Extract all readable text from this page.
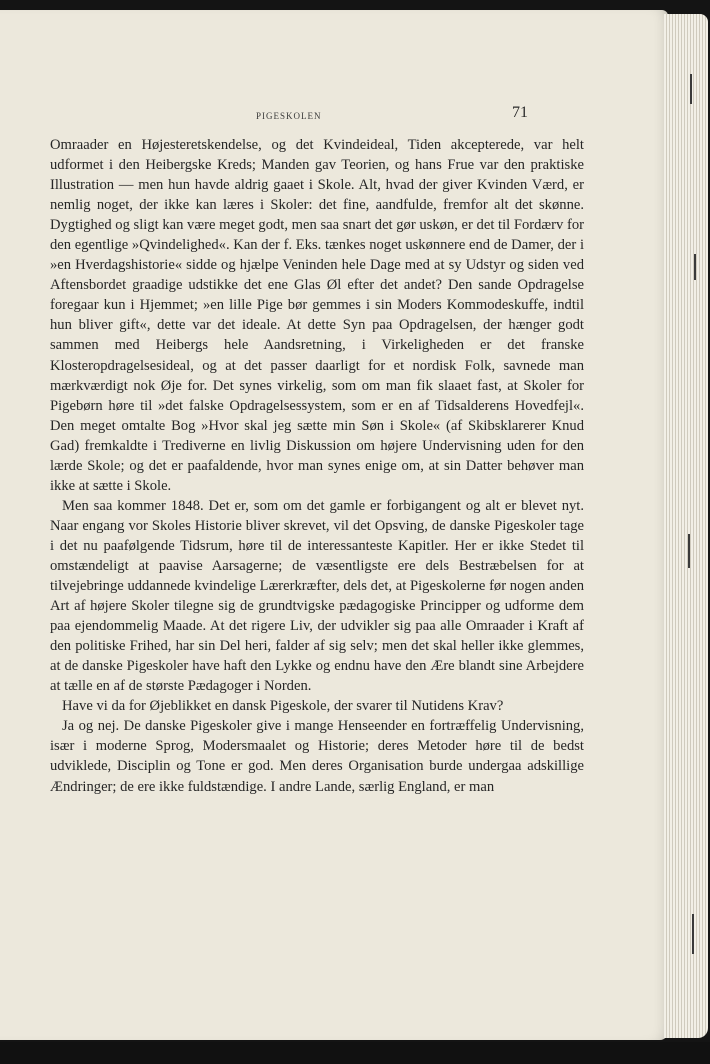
PIGESKOLEN	71

Omraader en Højesteretskendelse, og det Kvindeideal, Tiden akcepterede, var helt udformet i den Heibergske Kreds; Manden gav Teorien, og hans Frue var den praktiske Illustration — men hun havde aldrig gaaet i Skole. Alt, hvad der giver Kvinden Værd, er nemlig noget, der ikke kan læres i Skoler: det fine, aandfulde, fremfor alt det skønne. Dygtighed og sligt kan være meget godt, men saa snart det gør uskøn, er det til Fordærv for den egentlige »Qvindelighed«. Kan der f. Eks. tænkes noget uskønnere end de Damer, der i »en Hverdagshistorie« sidde og hjælpe Veninden hele Dage med at sy Udstyr og siden ved Aftensbordet graadige udstikke det ene Glas Øl efter det andet? Den sande Opdragelse foregaar kun i Hjemmet; »en lille Pige bør gemmes i sin Moders Kommodeskuffe, indtil hun bliver gift«, dette var det ideale. At dette Syn paa Opdragelsen, der hænger godt sammen med Heibergs hele Aandsretning, i Virkeligheden er det franske Klosteropdragelsesideal, og at det passer daarligt for et nordisk Folk, savnede man mærkværdigt nok Øje for. Det synes virkelig, som om man fik slaaet fast, at Skoler for Pigebørn høre til »det falske Opdragelsessystem, som er en af Tidsalderens Hovedfejl«. Den meget omtalte Bog »Hvor skal jeg sætte min Søn i Skole« (af Skibsklarerer Knud Gad) fremkaldte i Trediverne en livlig Diskussion om højere Undervisning uden for den lærde Skole; og det er paafaldende, hvor man synes enige om, at sin Datter behøver man ikke at sætte i Skole.

Men saa kommer 1848. Det er, som om det gamle er forbigangent og alt er blevet nyt. Naar engang vor Skoles Historie bliver skrevet, vil det Opsving, de danske Pigeskoler tage i det nu paafølgende Tidsrum, høre til de interessanteste Kapitler. Her er ikke Stedet til omstændeligt at paavise Aarsagerne; de væsentligste ere dels Bestræbelsen for at tilvejebringe uddannede kvindelige Lærerkræfter, dels det, at Pigeskolerne før nogen anden Art af højere Skoler tilegne sig de grundtvigske pædagogiske Principper og udforme dem paa ejendommelig Maade. At det rigere Liv, der udvikler sig paa alle Omraader i Kraft af den politiske Frihed, har sin Del heri, falder af sig selv; men det skal heller ikke glemmes, at de danske Pigeskoler have haft den Lykke og endnu have den Ære blandt sine Arbejdere at tælle en af de største Pædagoger i Norden.

Have vi da for Øjeblikket en dansk Pigeskole, der svarer til Nutidens Krav?

Ja og nej. De danske Pigeskoler give i mange Henseender en fortræffelig Undervisning, især i moderne Sprog, Modersmaalet og Historie; deres Metoder høre til de bedst udviklede, Disciplin og Tone er god. Men deres Organisation burde undergaa adskillige Ændringer; de ere ikke fuldstændige. I andre Lande, særlig England, er man
